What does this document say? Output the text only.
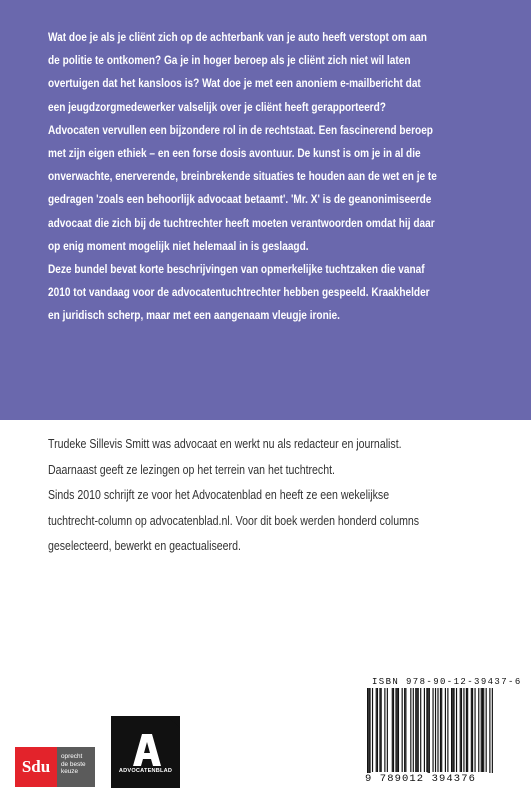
Wat doe je als je cliënt zich op de achterbank van je auto heeft verstopt om aan

de politie te ontkomen? Ga je in hoger beroep als je cliënt zich niet wil laten

overtuigen dat het kansloos is? Wat doe je met een anoniem e-mailbericht dat

een jeugdzorgmedewerker valselijk over je cliënt heeft gerapporteerd?

Advocaten vervullen een bijzondere rol in de rechtstaat. Een fascinerend beroep

met zijn eigen ethiek – en een forse dosis avontuur. De kunst is om je in al die

onverwachte, enerverende, breinbrekende situaties te houden aan de wet en je te

gedragen 'zoals een behoorlijk advocaat betaamt'. 'Mr. X' is de geanonimiseerde

advocaat die zich bij de tuchtrechter heeft moeten verantwoorden omdat hij daar

op enig moment mogelijk niet helemaal in is geslaagd.

Deze bundel bevat korte beschrijvingen van opmerkelijke tuchtzaken die vanaf

2010 tot vandaag voor de advocatentuchtrechter hebben gespeeld. Kraakhelder

en juridisch scherp, maar met een aangenaam vleugje ironie.

Trudeke Sillevis Smitt was advocaat en werkt nu als redacteur en journalist.

Daarnaast geeft ze lezingen op het terrein van het tuchtrecht.

Sinds 2010 schrijft ze voor het Advocatenblad en heeft ze een wekelijkse

tuchtrecht-column op advocatenblad.nl. Voor dit boek werden honderd columns

geselecteerd, bewerkt en geactualiseerd.

ISBN 978-90-12-39437-6
9 789012 394376
Sdu
oprecht
de beste
keuze	ADVOCATENBLAD
